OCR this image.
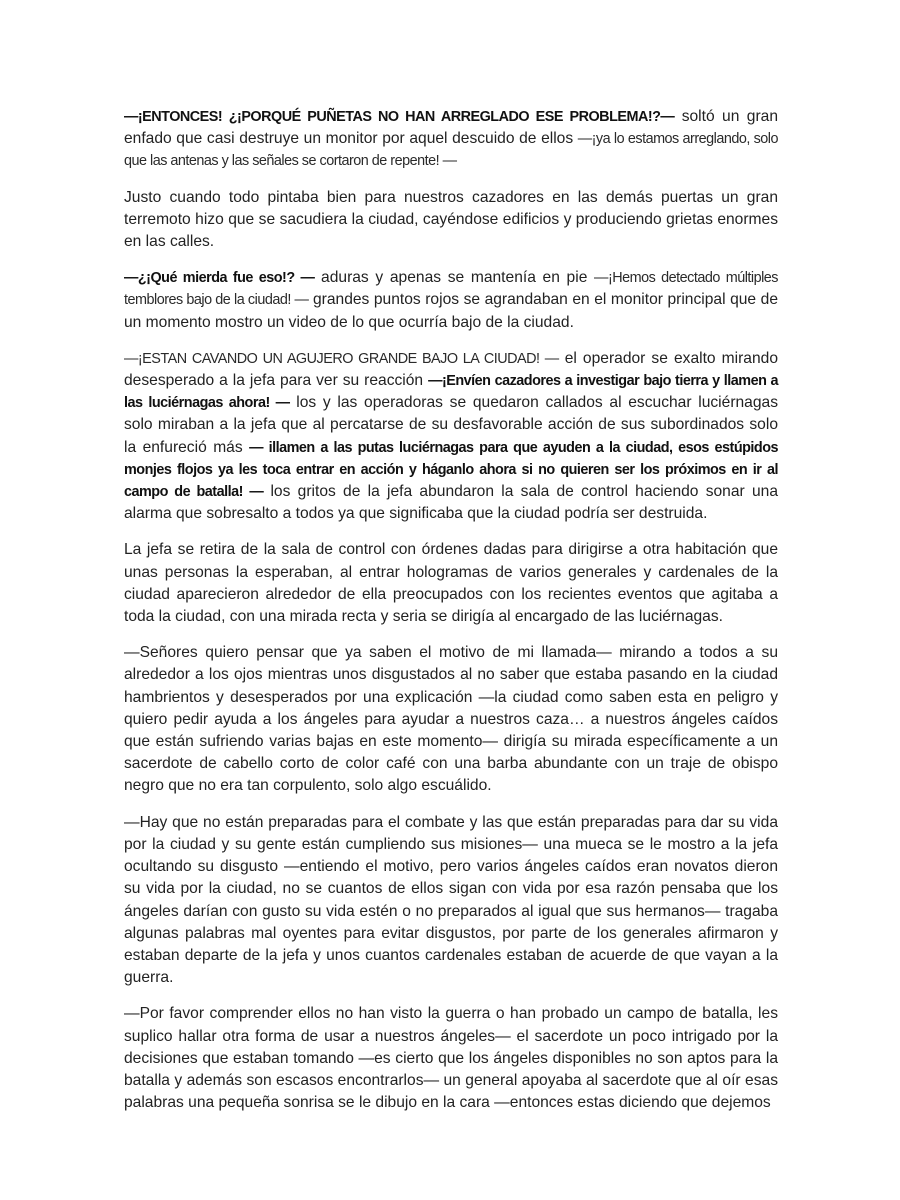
—¡ENTONCES! ¿¡PORQUÉ PUÑETAS NO HAN ARREGLADO ESE PROBLEMA!?— soltó un gran enfado que casi destruye un monitor por aquel descuido de ellos —¡ya lo estamos arreglando, solo que las antenas y las señales se cortaron de repente! —

Justo cuando todo pintaba bien para nuestros cazadores en las demás puertas un gran terremoto hizo que se sacudiera la ciudad, cayéndose edificios y produciendo grietas enormes en las calles.

—¿¡Qué mierda fue eso!? — aduras y apenas se mantenía en pie —¡Hemos detectado múltiples temblores bajo de la ciudad! — grandes puntos rojos se agrandaban en el monitor principal que de un momento mostro un video de lo que ocurría bajo de la ciudad.

—¡ESTAN CAVANDO UN AGUJERO GRANDE BAJO LA CIUDAD! — el operador se exalto mirando desesperado a la jefa para ver su reacción —¡Envíen cazadores a investigar bajo tierra y llamen a las luciérnagas ahora! — los y las operadoras se quedaron callados al escuchar luciérnagas solo miraban a la jefa que al percatarse de su desfavorable acción de sus subordinados solo la enfureció más — illamen a las putas luciérnagas para que ayuden a la ciudad, esos estúpidos monjes flojos ya les toca entrar en acción y háganlo ahora si no quieren ser los próximos en ir al campo de batalla! — los gritos de la jefa abundaron la sala de control haciendo sonar una alarma que sobresalto a todos ya que significaba que la ciudad podría ser destruida.

La jefa se retira de la sala de control con órdenes dadas para dirigirse a otra habitación que unas personas la esperaban, al entrar hologramas de varios generales y cardenales de la ciudad aparecieron alrededor de ella preocupados con los recientes eventos que agitaba a toda la ciudad, con una mirada recta y seria se dirigía al encargado de las luciérnagas.

—Señores quiero pensar que ya saben el motivo de mi llamada— mirando a todos a su alrededor a los ojos mientras unos disgustados al no saber que estaba pasando en la ciudad hambrientos y desesperados por una explicación —la ciudad como saben esta en peligro y quiero pedir ayuda a los ángeles para ayudar a nuestros caza… a nuestros ángeles caídos que están sufriendo varias bajas en este momento— dirigía su mirada específicamente a un sacerdote de cabello corto de color café con una barba abundante con un traje de obispo negro que no era tan corpulento, solo algo escuálido.

—Hay que no están preparadas para el combate y las que están preparadas para dar su vida por la ciudad y su gente están cumpliendo sus misiones— una mueca se le mostro a la jefa ocultando su disgusto —entiendo el motivo, pero varios ángeles caídos eran novatos dieron su vida por la ciudad, no se cuantos de ellos sigan con vida por esa razón pensaba que los ángeles darían con gusto su vida estén o no preparados al igual que sus hermanos— tragaba algunas palabras mal oyentes para evitar disgustos, por parte de los generales afirmaron y estaban departe de la jefa y unos cuantos cardenales estaban de acuerde de que vayan a la guerra.

—Por favor comprender ellos no han visto la guerra o han probado un campo de batalla, les suplico hallar otra forma de usar a nuestros ángeles— el sacerdote un poco intrigado por la decisiones que estaban tomando —es cierto que los ángeles disponibles no son aptos para la batalla y además son escasos encontrarlos— un general apoyaba al sacerdote que al oír esas palabras una pequeña sonrisa se le dibujo en la cara —entonces estas diciendo que dejemos
